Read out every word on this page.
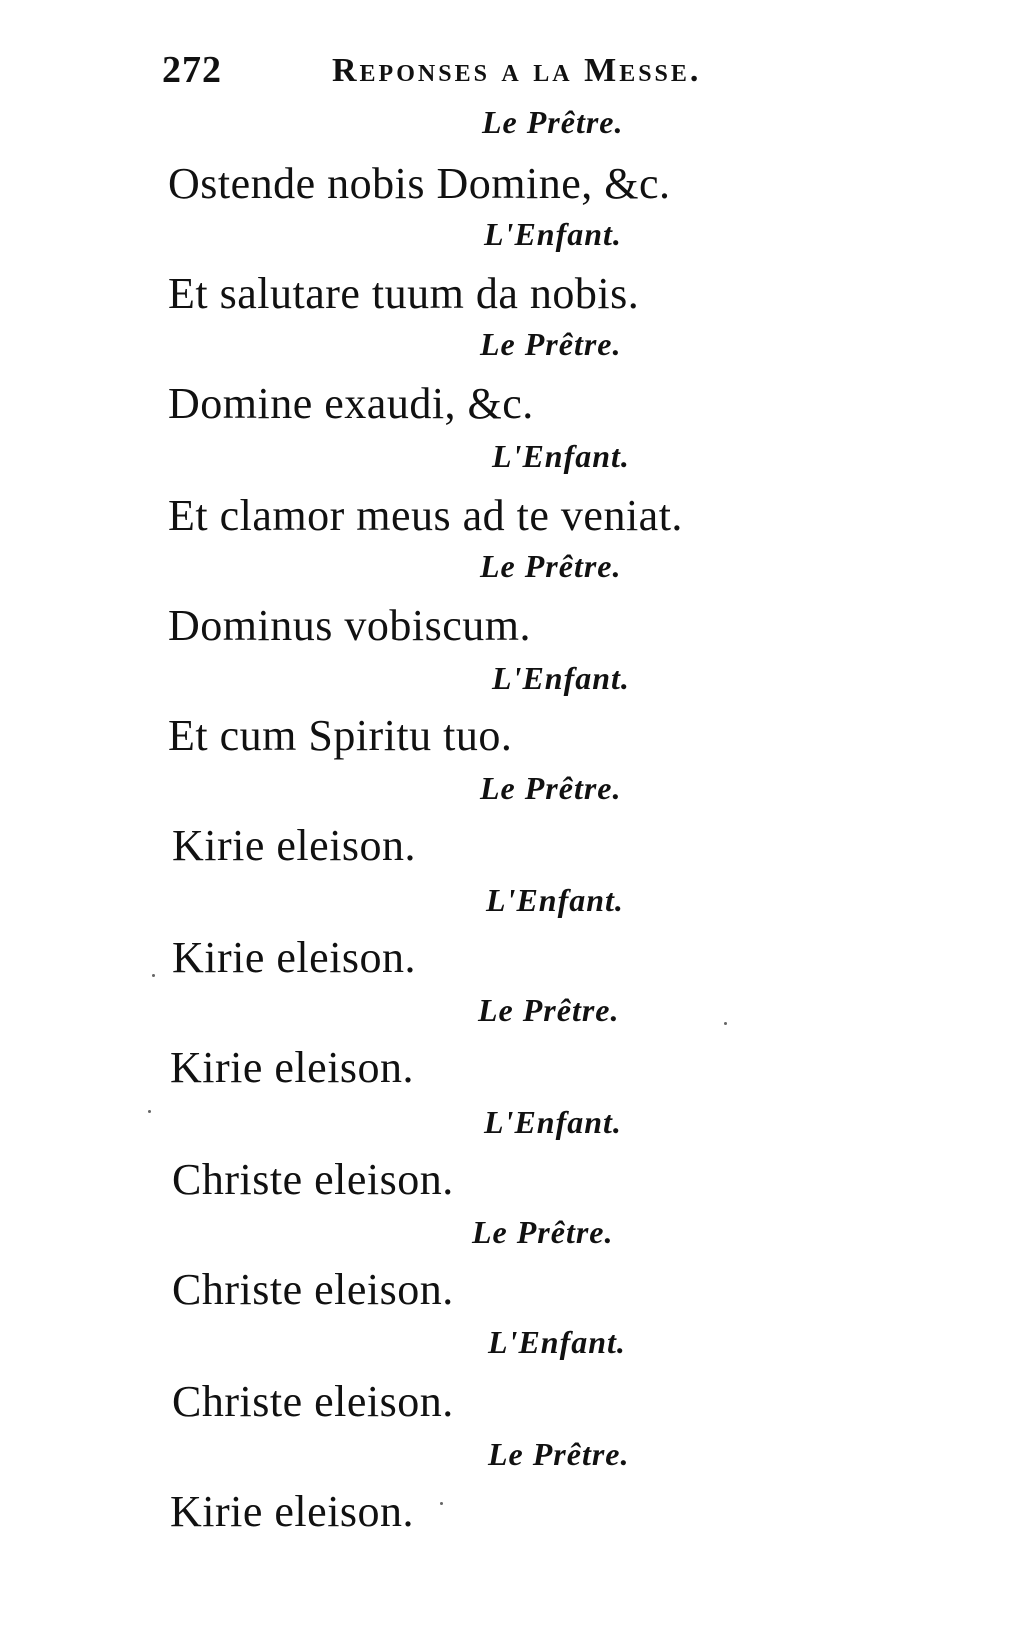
272	Reponses a la Messe.
Le Prêtre.
Ostende nobis Domine, &c.
L'Enfant.
Et salutare tuum da nobis.
Le Prêtre.
Domine exaudi, &c.
L'Enfant.
Et clamor meus ad te veniat.
Le Prêtre.
Dominus vobiscum.
L'Enfant.
Et cum Spiritu tuo.
Le Prêtre.
Kirie eleison.
L'Enfant.
Kirie eleison.
Le Prêtre.
Kirie eleison.
L'Enfant.
Christe eleison.
Le Prêtre.
Christe eleison.
L'Enfant.
Christe eleison.
Le Prêtre.
Kirie eleison.
